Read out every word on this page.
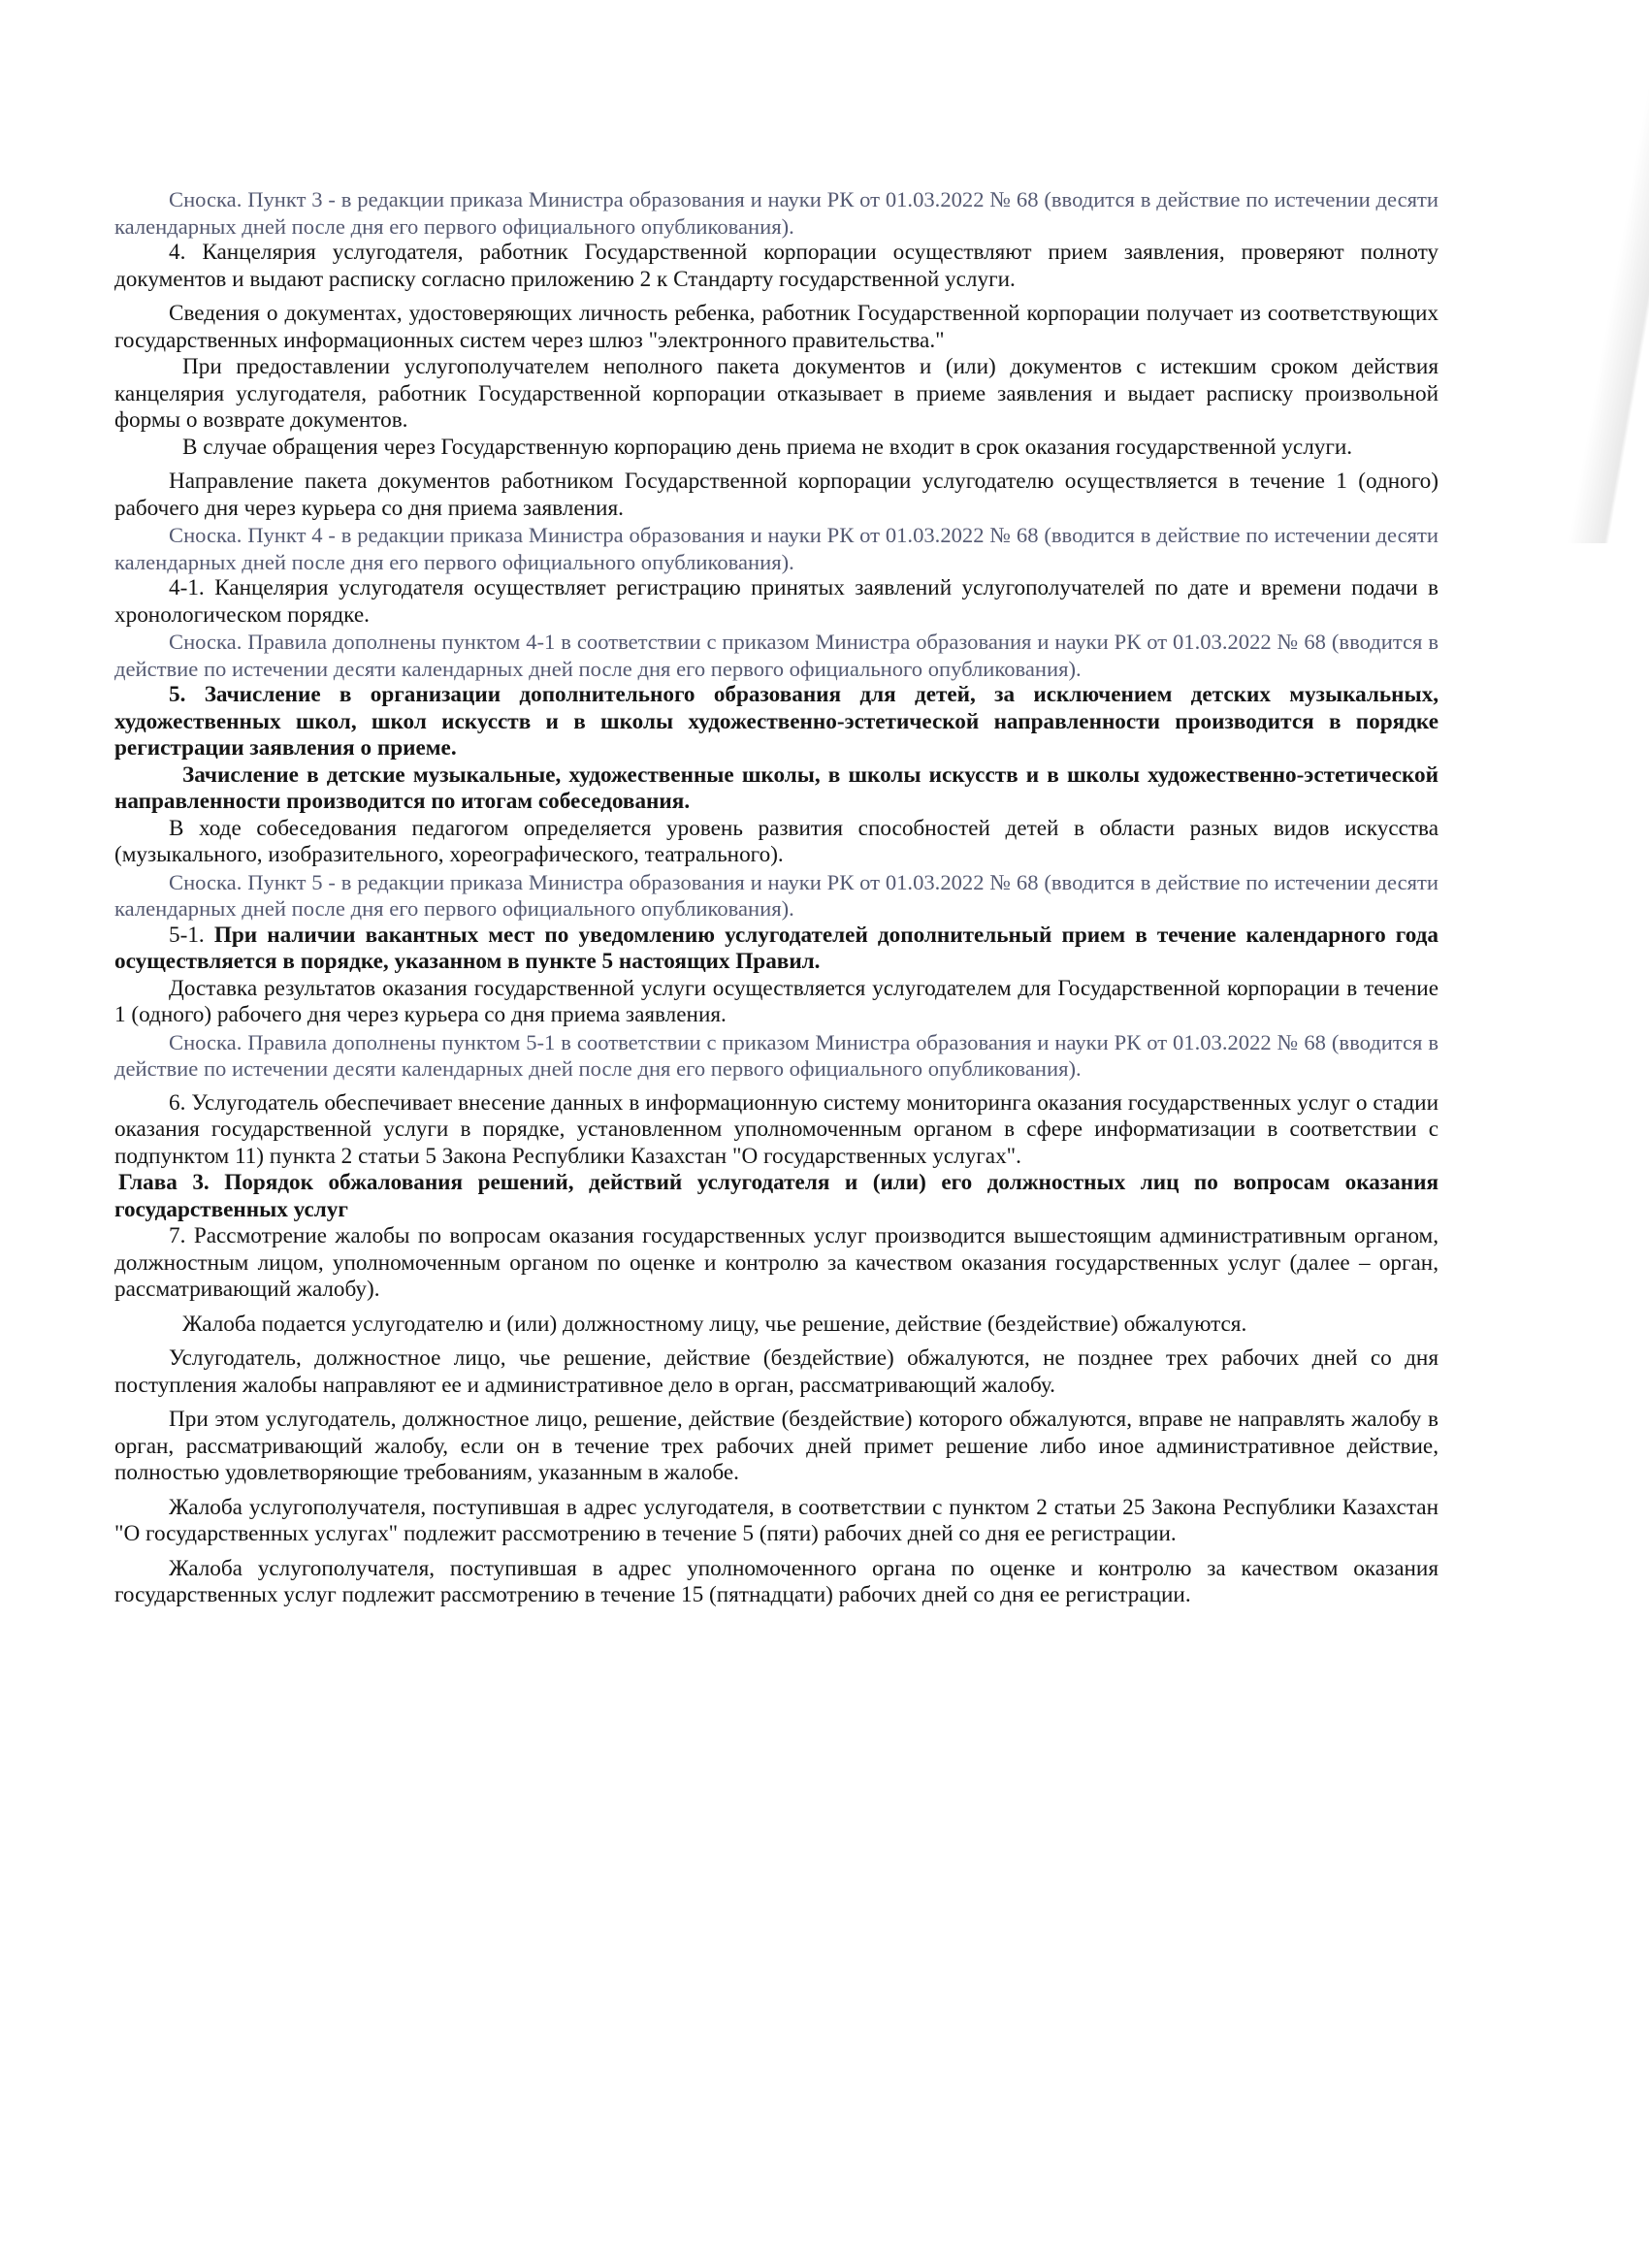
Сноска. Пункт 3 - в редакции приказа Министра образования и науки РК от 01.03.2022 № 68 (вводится в действие по истечении десяти календарных дней после дня его первого официального опубликования).

4. Канцелярия услугодателя, работник Государственной корпорации осуществляют прием заявления, проверяют полноту документов и выдают расписку согласно приложению 2 к Стандарту государственной услуги.

Сведения о документах, удостоверяющих личность ребенка, работник Государственной корпорации получает из соответствующих государственных информационных систем через шлюз "электронного правительства."

При предоставлении услугополучателем неполного пакета документов и (или) документов с истекшим сроком действия канцелярия услугодателя, работник Государственной корпорации отказывает в приеме заявления и выдает расписку произвольной формы о возврате документов.

В случае обращения через Государственную корпорацию день приема не входит в срок оказания государственной услуги.

Направление пакета документов работником Государственной корпорации услугодателю осуществляется в течение 1 (одного) рабочего дня через курьера со дня приема заявления.

Сноска. Пункт 4 - в редакции приказа Министра образования и науки РК от 01.03.2022 № 68 (вводится в действие по истечении десяти календарных дней после дня его первого официального опубликования).

4-1. Канцелярия услугодателя осуществляет регистрацию принятых заявлений услугополучателей по дате и времени подачи в хронологическом порядке.

Сноска. Правила дополнены пунктом 4-1 в соответствии с приказом Министра образования и науки РК от 01.03.2022 № 68 (вводится в действие по истечении десяти календарных дней после дня его первого официального опубликования).

5. Зачисление в организации дополнительного образования для детей, за исключением детских музыкальных, художественных школ, школ искусств и в школы художественно-эстетической направленности производится в порядке регистрации заявления о приеме.

Зачисление в детские музыкальные, художественные школы, в школы искусств и в школы художественно-эстетической направленности производится по итогам собеседования.

В ходе собеседования педагогом определяется уровень развития способностей детей в области разных видов искусства (музыкального, изобразительного, хореографического, театрального).

Сноска. Пункт 5 - в редакции приказа Министра образования и науки РК от 01.03.2022 № 68 (вводится в действие по истечении десяти календарных дней после дня его первого официального опубликования).

5-1. При наличии вакантных мест по уведомлению услугодателей дополнительный прием в течение календарного года осуществляется в порядке, указанном в пункте 5 настоящих Правил.

Доставка результатов оказания государственной услуги осуществляется услугодателем для Государственной корпорации в течение 1 (одного) рабочего дня через курьера со дня приема заявления.

Сноска. Правила дополнены пунктом 5-1 в соответствии с приказом Министра образования и науки РК от 01.03.2022 № 68 (вводится в действие по истечении десяти календарных дней после дня его первого официального опубликования).

6. Услугодатель обеспечивает внесение данных в информационную систему мониторинга оказания государственных услуг о стадии оказания государственной услуги в порядке, установленном уполномоченным органом в сфере информатизации в соответствии с подпунктом 11) пункта 2 статьи 5 Закона Республики Казахстан "О государственных услугах".

Глава 3. Порядок обжалования решений, действий услугодателя и (или) его должностных лиц по вопросам оказания государственных услуг

7. Рассмотрение жалобы по вопросам оказания государственных услуг производится вышестоящим административным органом, должностным лицом, уполномоченным органом по оценке и контролю за качеством оказания государственных услуг (далее – орган, рассматривающий жалобу).

Жалоба подается услугодателю и (или) должностному лицу, чье решение, действие (бездействие) обжалуются.

Услугодатель, должностное лицо, чье решение, действие (бездействие) обжалуются, не позднее трех рабочих дней со дня поступления жалобы направляют ее и административное дело в орган, рассматривающий жалобу.

При этом услугодатель, должностное лицо, решение, действие (бездействие) которого обжалуются, вправе не направлять жалобу в орган, рассматривающий жалобу, если он в течение трех рабочих дней примет решение либо иное административное действие, полностью удовлетворяющие требованиям, указанным в жалобе.

Жалоба услугополучателя, поступившая в адрес услугодателя, в соответствии с пунктом 2 статьи 25 Закона Республики Казахстан "О государственных услугах" подлежит рассмотрению в течение 5 (пяти) рабочих дней со дня ее регистрации.

Жалоба услугополучателя, поступившая в адрес уполномоченного органа по оценке и контролю за качеством оказания государственных услуг подлежит рассмотрению в течение 15 (пятнадцати) рабочих дней со дня ее регистрации.
